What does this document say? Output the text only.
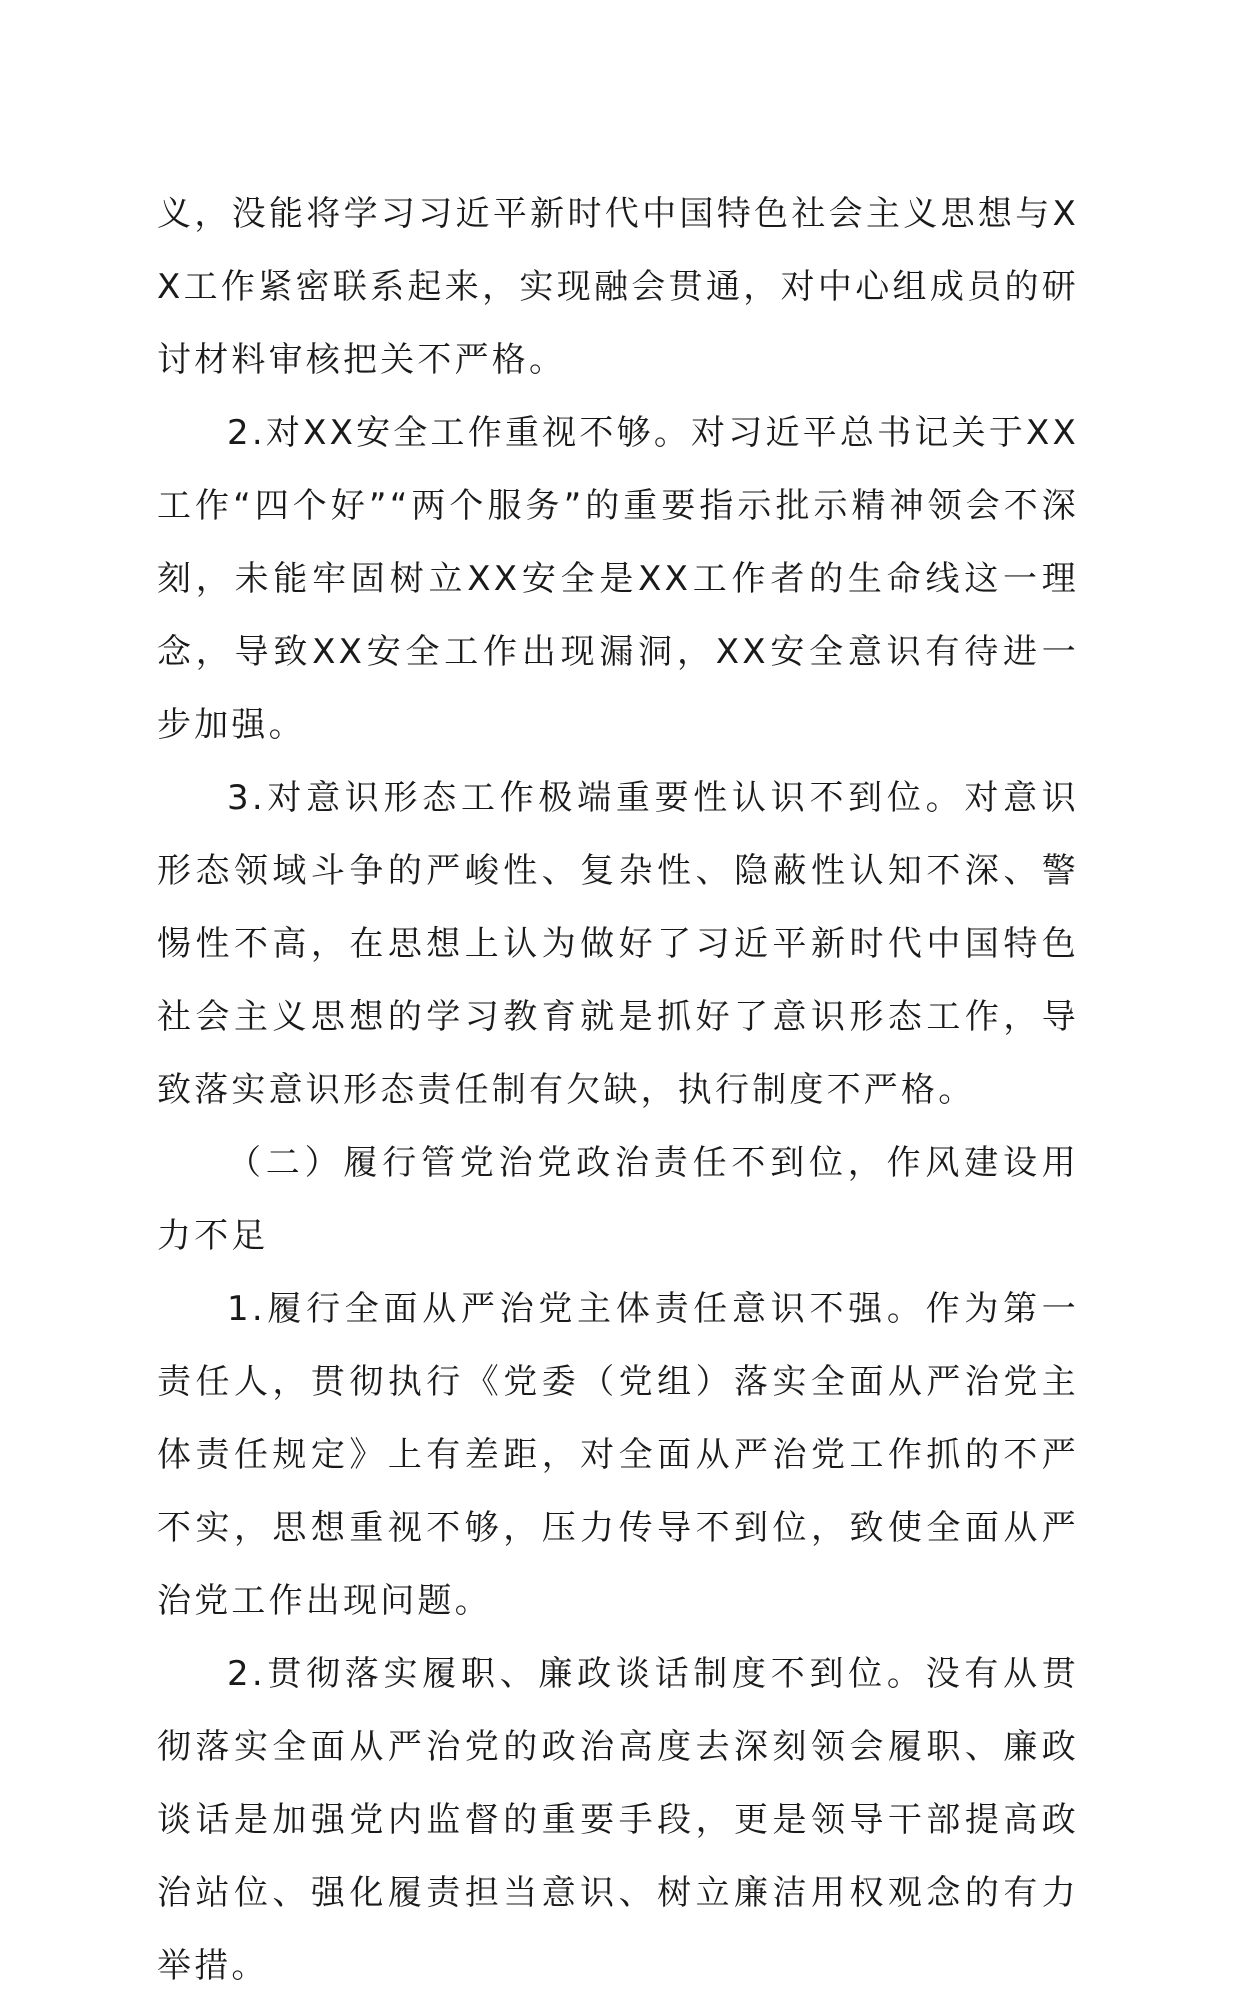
义，没能将学习习近平新时代中国特色社会主义思想与XX工作紧密联系起来，实现融会贯通，对中心组成员的研讨材料审核把关不严格。

2.对XX安全工作重视不够。对习近平总书记关于XX工作“四个好”“两个服务”的重要指示批示精神领会不深刻，未能牢固树立XX安全是XX工作者的生命线这一理念，导致XX安全工作出现漏洞，XX安全意识有待进一步加强。

3.对意识形态工作极端重要性认识不到位。对意识形态领域斗争的严峻性、复杂性、隐蔽性认知不深、警惕性不高，在思想上认为做好了习近平新时代中国特色社会主义思想的学习教育就是抓好了意识形态工作，导致落实意识形态责任制有欠缺，执行制度不严格。

（二）履行管党治党政治责任不到位，作风建设用力不足

1.履行全面从严治党主体责任意识不强。作为第一责任人，贯彻执行《党委（党组）落实全面从严治党主体责任规定》上有差距，对全面从严治党工作抓的不严不实，思想重视不够，压力传导不到位，致使全面从严治党工作出现问题。

2.贯彻落实履职、廉政谈话制度不到位。没有从贯彻落实全面从严治党的政治高度去深刻领会履职、廉政谈话是加强党内监督的重要手段，更是领导干部提高政治站位、强化履责担当意识、树立廉洁用权观念的有力举措。
